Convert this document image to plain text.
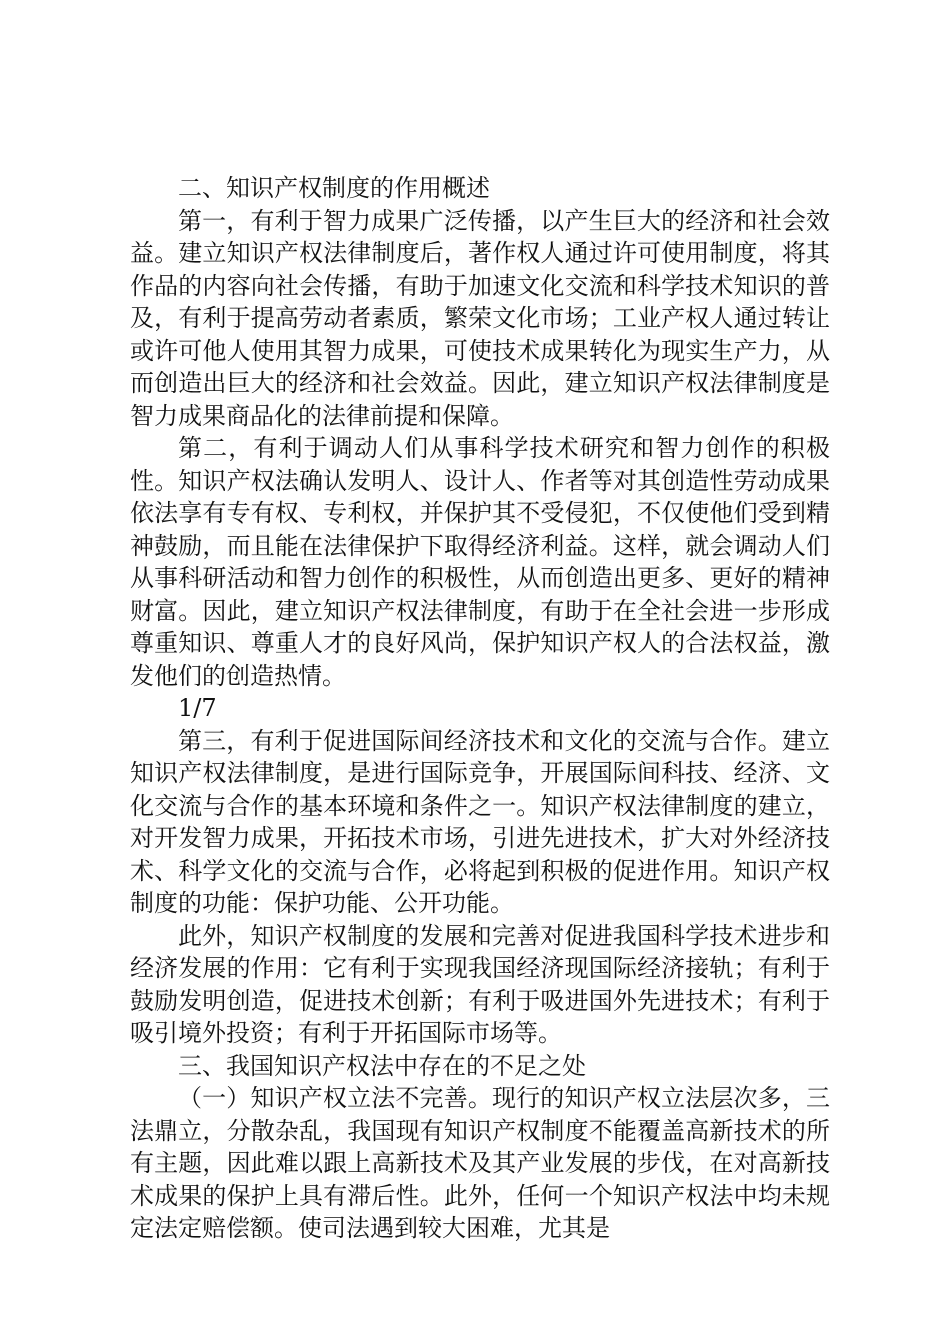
二、知识产权制度的作用概述

第一，有利于智力成果广泛传播，以产生巨大的经济和社会效益。建立知识产权法律制度后，著作权人通过许可使用制度，将其作品的内容向社会传播，有助于加速文化交流和科学技术知识的普及，有利于提高劳动者素质，繁荣文化市场；工业产权人通过转让或许可他人使用其智力成果，可使技术成果转化为现实生产力，从而创造出巨大的经济和社会效益。因此，建立知识产权法律制度是智力成果商品化的法律前提和保障。

第二，有利于调动人们从事科学技术研究和智力创作的积极性。知识产权法确认发明人、设计人、作者等对其创造性劳动成果依法享有专有权、专利权，并保护其不受侵犯，不仅使他们受到精神鼓励，而且能在法律保护下取得经济利益。这样，就会调动人们从事科研活动和智力创作的积极性，从而创造出更多、更好的精神财富。因此，建立知识产权法律制度，有助于在全社会进一步形成尊重知识、尊重人才的良好风尚，保护知识产权人的合法权益，激发他们的创造热情。

1/7

第三，有利于促进国际间经济技术和文化的交流与合作。建立知识产权法律制度，是进行国际竞争，开展国际间科技、经济、文化交流与合作的基本环境和条件之一。知识产权法律制度的建立，对开发智力成果，开拓技术市场，引进先进技术，扩大对外经济技术、科学文化的交流与合作，必将起到积极的促进作用。知识产权制度的功能：保护功能、公开功能。

此外，知识产权制度的发展和完善对促进我国科学技术进步和经济发展的作用：它有利于实现我国经济现国际经济接轨；有利于鼓励发明创造，促进技术创新；有利于吸进国外先进技术；有利于吸引境外投资；有利于开拓国际市场等。

三、我国知识产权法中存在的不足之处

（一）知识产权立法不完善。现行的知识产权立法层次多，三法鼎立，分散杂乱，我国现有知识产权制度不能覆盖高新技术的所有主题，因此难以跟上高新技术及其产业发展的步伐，在对高新技术成果的保护上具有滞后性。此外，任何一个知识产权法中均未规定法定赔偿额。使司法遇到较大困难，尤其是
